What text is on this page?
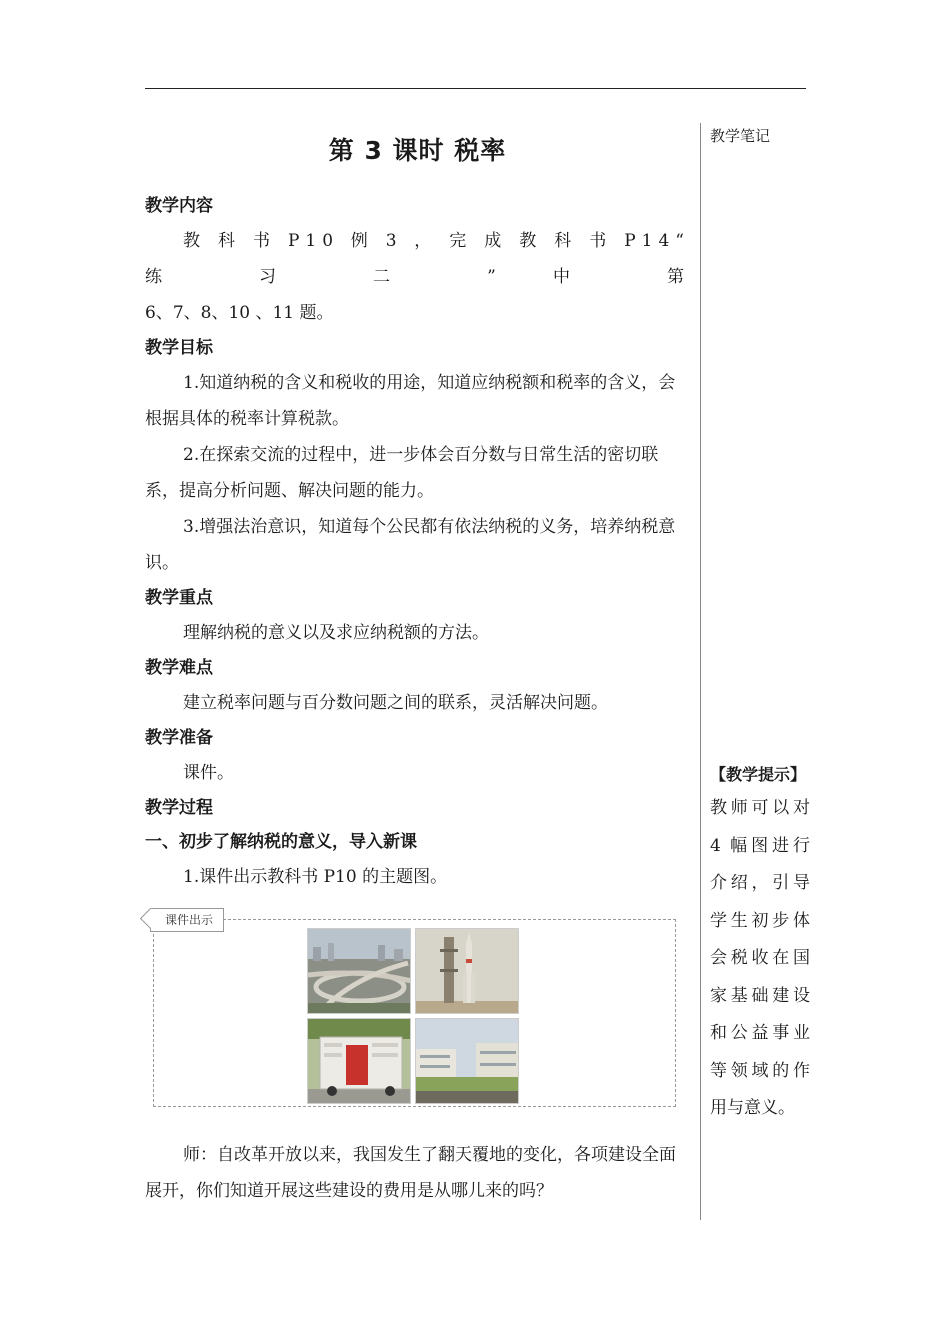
第 3 课时 税率
教学内容

教 科 书 P10 例 3 ， 完 成 教 科 书 P14“ 练 习 二 ” 中 第

6、7、8、10 、11 题。

教学目标

1.知道纳税的含义和税收的用途，知道应纳税额和税率的含义，会根据具体的税率计算税款。

2.在探索交流的过程中，进一步体会百分数与日常生活的密切联系，提高分析问题、解决问题的能力。

3.增强法治意识，知道每个公民都有依法纳税的义务，培养纳税意识。

教学重点

理解纳税的意义以及求应纳税额的方法。

教学难点

建立税率问题与百分数问题之间的联系，灵活解决问题。

教学准备

课件。

教学过程
一、初步了解纳税的意义，导入新课

1.课件出示教科书 P10 的主题图。

课件出示

师：自改革开放以来，我国发生了翻天覆地的变化，各项建设全面展开，你们知道开展这些建设的费用是从哪儿来的吗？

教学笔记
【教学提示】
教师可以对 4 幅图进行介绍，引导学生初步体会税收在国家基础建设和公益事业等领域的作用与意义。
